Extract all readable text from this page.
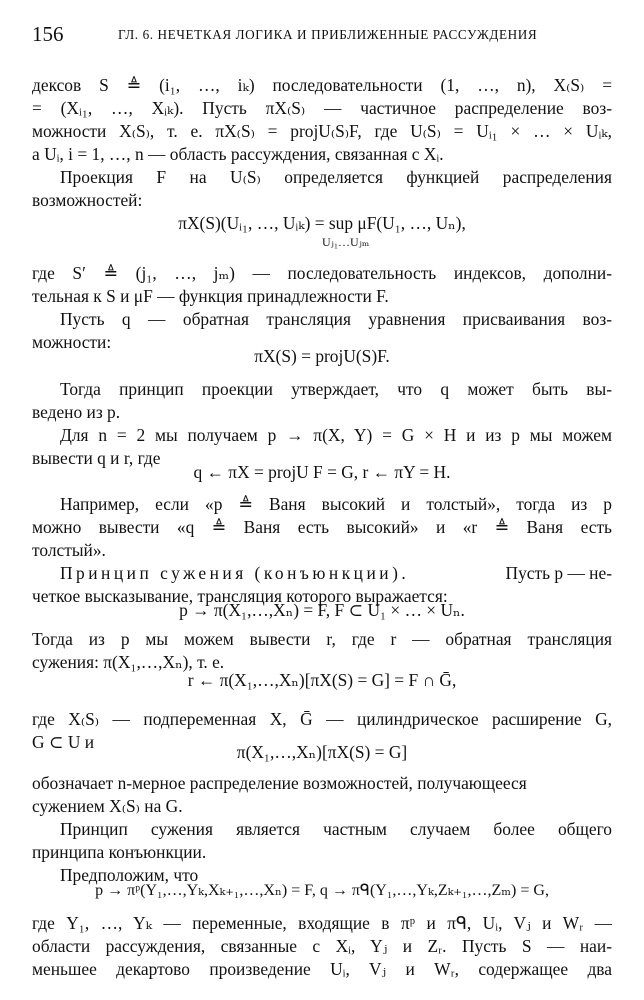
156	ГЛ. 6. НЕЧЕТКАЯ ЛОГИКА И ПРИБЛИЖЕННЫЕ РАССУЖДЕНИЯ
дексов S ≜ (i₁, …, iₖ) последовательности (1, …, n), X₍S₎ =
= (Xᵢ₁, …, Xᵢₖ). Пусть πX₍S₎ — частичное распределение воз-
можности X₍S₎, т. е. πX₍S₎ = projU₍S₎F, где U₍S₎ = Uᵢ₁ × … × Uᵢₖ,
а Uᵢ, i = 1, …, n — область рассуждения, связанная с Xᵢ.
Проекция F на U₍S₎ определяется функцией распределения
возможностей:
πX(S)(Uᵢ₁, …, Uᵢₖ) = sup μF(U₁, …, Uₙ),
Uⱼ₁…Uⱼₘ
где S′ ≜ (j₁, …, jₘ) — последовательность индексов, дополни-
тельная к S и μF — функция принадлежности F.
Пусть q — обратная трансляция уравнения присваивания воз-
можности:
πX(S) = projU(S)F.
Тогда принцип проекции утверждает, что q может быть вы-
ведено из p.
Для n = 2 мы получаем p → π(X, Y) = G × H и из p мы можем
вывести q и r, где
q ← πX = projU F = G, r ← πY = H.
Например, если «p ≜ Ваня высокий и толстый», тогда из p
можно вывести «q ≜ Ваня есть высокий» и «r ≜ Ваня есть
толстый».
Принцип сужения (конъюнкции).	Пусть p — не-
четкое высказывание, трансляция которого выражается:
p → π(X₁,…,Xₙ) = F, F ⊂ U₁ × … × Uₙ.
Тогда из p мы можем вывести r, где r — обратная трансляция
сужения: π(X₁,…,Xₙ), т. е.
r ← π(X₁,…,Xₙ)[πX(S) = G] = F ∩ Ḡ,
где X₍S₎ — подпеременная X, Ḡ — цилиндрическое расширение G,
G ⊂ U и	π(X₁,…,Xₙ)[πX(S) = G]
обозначает n-мерное распределение возможностей, получающееся
сужением X₍S₎ на G.
Принцип сужения является частным случаем более общего
принципа конъюнкции.
Предположим, что
p → πᵖ(Y₁,…,Yₖ,Xₖ₊₁,…,Xₙ) = F, q → πᑫ(Y₁,…,Yₖ,Zₖ₊₁,…,Zₘ) = G,
где Y₁, …, Yₖ — переменные, входящие в πᵖ и πᑫ, Uᵢ, Vⱼ и Wᵣ —
области рассуждения, связанные с Xᵢ, Yⱼ и Zᵣ. Пусть S — наи-
меньшее декартово произведение Uᵢ, Vⱼ и Wᵣ, содержащее два
